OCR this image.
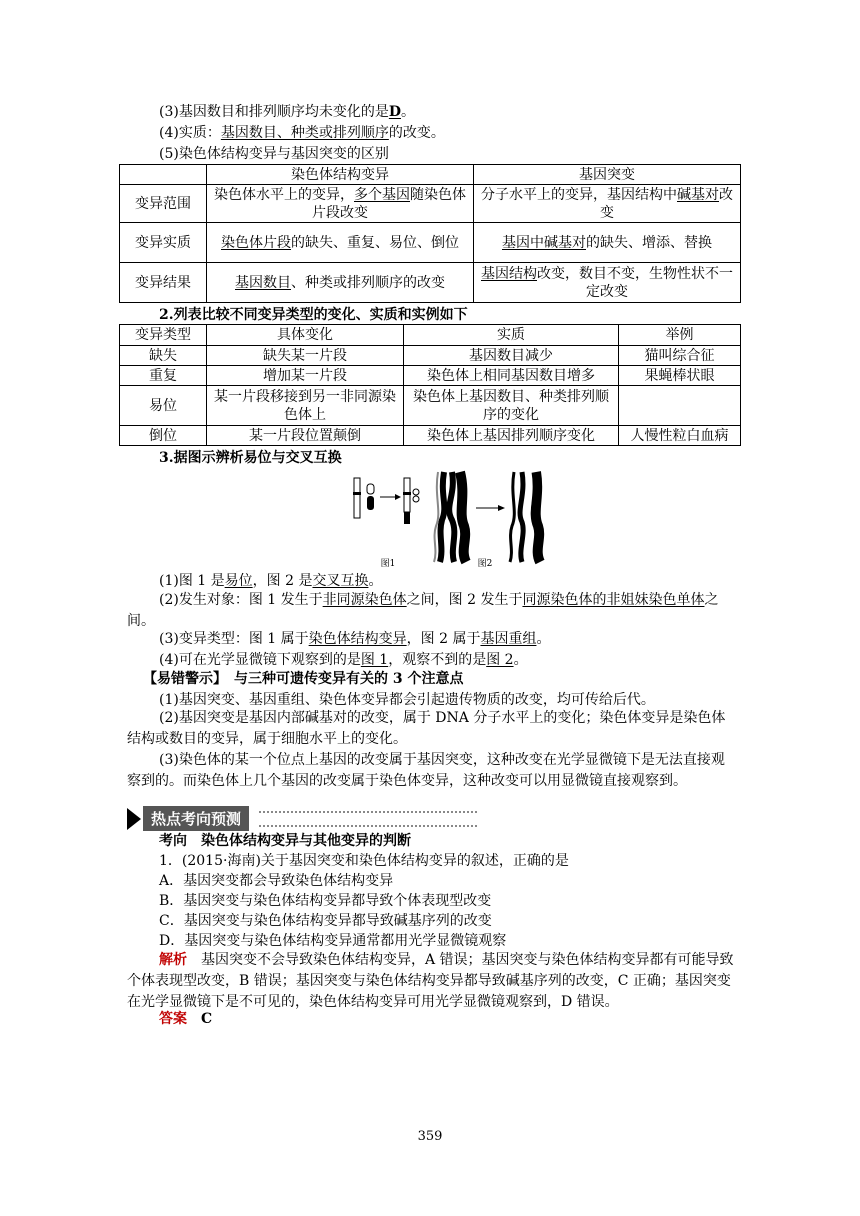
(3)基因数目和排列顺序均未变化的是D。
(4)实质：基因数目、种类或排列顺序的改变。
(5)染色体结构变异与基因突变的区别
	染色体结构变异	基因突变
变异范围	染色体水平上的变异，多个基因随染色体片段改变	分子水平上的变异，基因结构中碱基对改变
变异实质	染色体片段的缺失、重复、易位、倒位	基因中碱基对的缺失、增添、替换
变异结果	基因数目、种类或排列顺序的改变	基因结构改变，数目不变，生物性状不一定改变
2.列表比较不同变异类型的变化、实质和实例如下
变异类型	具体变化	实质	举例
缺失	缺失某一片段	基因数目减少	猫叫综合征
重复	增加某一片段	染色体上相同基因数目增多	果蝇棒状眼
易位	某一片段移接到另一非同源染色体上	染色体上基因数目、种类排列顺序的变化	
倒位	某一片段位置颠倒	染色体上基因排列顺序变化	人慢性粒白血病
3.据图示辨析易位与交叉互换
图1	图2
(1)图 1 是易位，图 2 是交叉互换。
(2)发生对象：图 1 发生于非同源染色体之间，图 2 发生于同源染色体的非姐妹染色单体之间。
(3)变异类型：图 1 属于染色体结构变异，图 2 属于基因重组。
(4)可在光学显微镜下观察到的是图 1，观察不到的是图 2。
【易错警示】　与三种可遗传变异有关的 3 个注意点
(1)基因突变、基因重组、染色体变异都会引起遗传物质的改变，均可传给后代。
(2)基因突变是基因内部碱基对的改变，属于 DNA 分子水平上的变化；染色体变异是染色体结构或数目的变异，属于细胞水平上的变化。
(3)染色体的某一个位点上基因的改变属于基因突变，这种改变在光学显微镜下是无法直接观察到的。而染色体上几个基因的改变属于染色体变异，这种改变可以用显微镜直接观察到。
热点考向预测
考向　染色体结构变异与其他变异的判断
1．(2015·海南)关于基因突变和染色体结构变异的叙述，正确的是
A．基因突变都会导致染色体结构变异
B．基因突变与染色体结构变异都导致个体表现型改变
C．基因突变与染色体结构变异都导致碱基序列的改变
D．基因突变与染色体结构变异通常都用光学显微镜观察
解析　基因突变不会导致染色体结构变异，A 错误；基因突变与染色体结构变异都有可能导致个体表现型改变，B 错误；基因突变与染色体结构变异都导致碱基序列的改变，C 正确；基因突变在光学显微镜下是不可见的，染色体结构变异可用光学显微镜观察到，D 错误。
答案　 C
359
